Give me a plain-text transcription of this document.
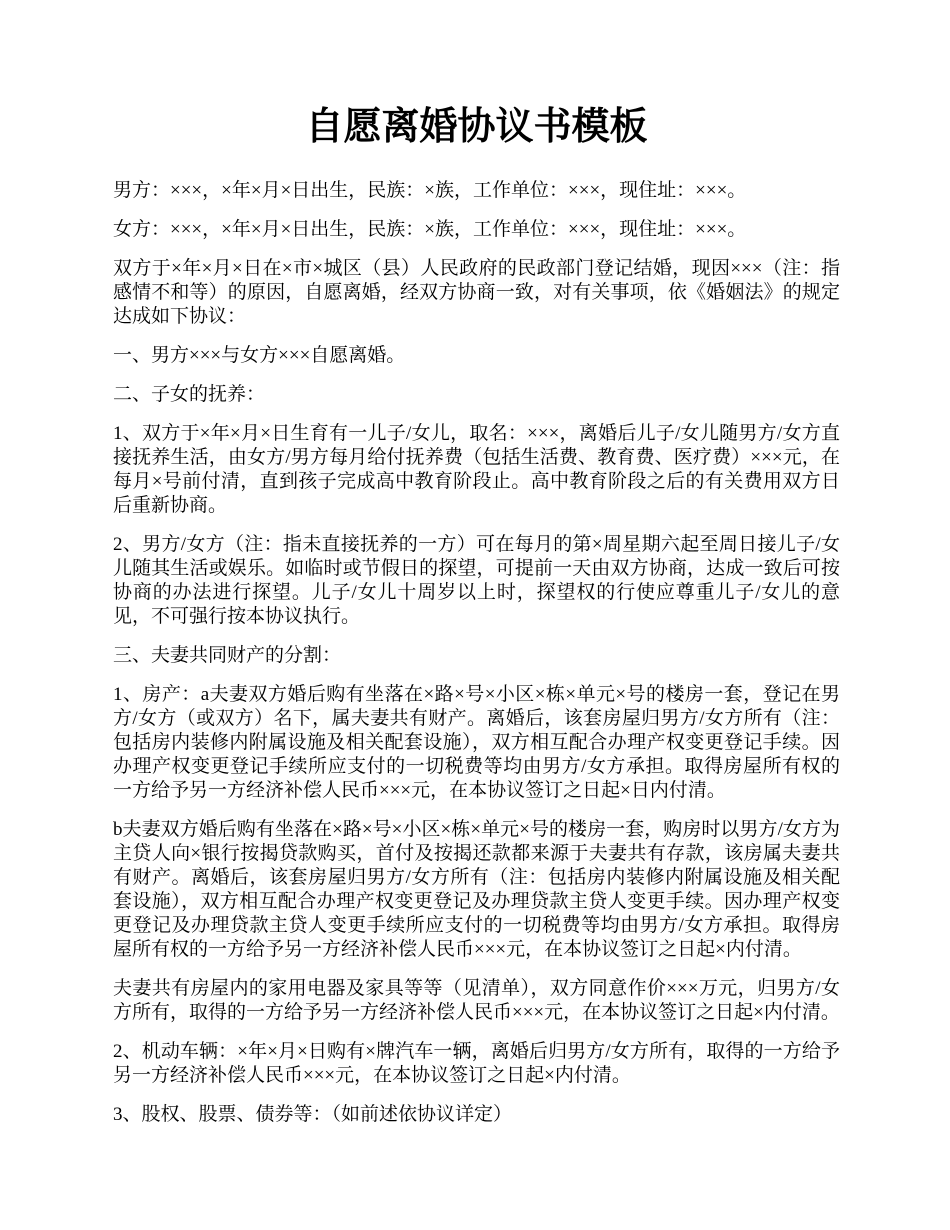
自愿离婚协议书模板

男方：×××，×年×月×日出生，民族：×族，工作单位：×××，现住址：×××。

女方：×××，×年×月×日出生，民族：×族，工作单位：×××，现住址：×××。

双方于×年×月×日在×市×城区（县）人民政府的民政部门登记结婚，现因×××（注：指感情不和等）的原因，自愿离婚，经双方协商一致，对有关事项，依《婚姻法》的规定达成如下协议：

一、男方×××与女方×××自愿离婚。

二、子女的抚养：

1、双方于×年×月×日生育有一儿子/女儿，取名：×××，离婚后儿子/女儿随男方/女方直接抚养生活，由女方/男方每月给付抚养费（包括生活费、教育费、医疗费）×××元，在每月×号前付清，直到孩子完成高中教育阶段止。高中教育阶段之后的有关费用双方日后重新协商。

2、男方/女方（注：指未直接抚养的一方）可在每月的第×周星期六起至周日接儿子/女儿随其生活或娱乐。如临时或节假日的探望，可提前一天由双方协商，达成一致后可按协商的办法进行探望。儿子/女儿十周岁以上时，探望权的行使应尊重儿子/女儿的意见，不可强行按本协议执行。

三、夫妻共同财产的分割：

1、房产：a夫妻双方婚后购有坐落在×路×号×小区×栋×单元×号的楼房一套，登记在男方/女方（或双方）名下，属夫妻共有财产。离婚后，该套房屋归男方/女方所有（注：包括房内装修内附属设施及相关配套设施），双方相互配合办理产权变更登记手续。因办理产权变更登记手续所应支付的一切税费等均由男方/女方承担。取得房屋所有权的一方给予另一方经济补偿人民币×××元，在本协议签订之日起×日内付清。

b夫妻双方婚后购有坐落在×路×号×小区×栋×单元×号的楼房一套，购房时以男方/女方为主贷人向×银行按揭贷款购买，首付及按揭还款都来源于夫妻共有存款，该房属夫妻共有财产。离婚后，该套房屋归男方/女方所有（注：包括房内装修内附属设施及相关配套设施），双方相互配合办理产权变更登记及办理贷款主贷人变更手续。因办理产权变更登记及办理贷款主贷人变更手续所应支付的一切税费等均由男方/女方承担。取得房屋所有权的一方给予另一方经济补偿人民币×××元，在本协议签订之日起×内付清。

夫妻共有房屋内的家用电器及家具等等（见清单），双方同意作价×××万元，归男方/女方所有，取得的一方给予另一方经济补偿人民币×××元，在本协议签订之日起×内付清。

2、机动车辆：×年×月×日购有×牌汽车一辆，离婚后归男方/女方所有，取得的一方给予另一方经济补偿人民币×××元，在本协议签订之日起×内付清。

3、股权、股票、债券等：（如前述依协议详定）
